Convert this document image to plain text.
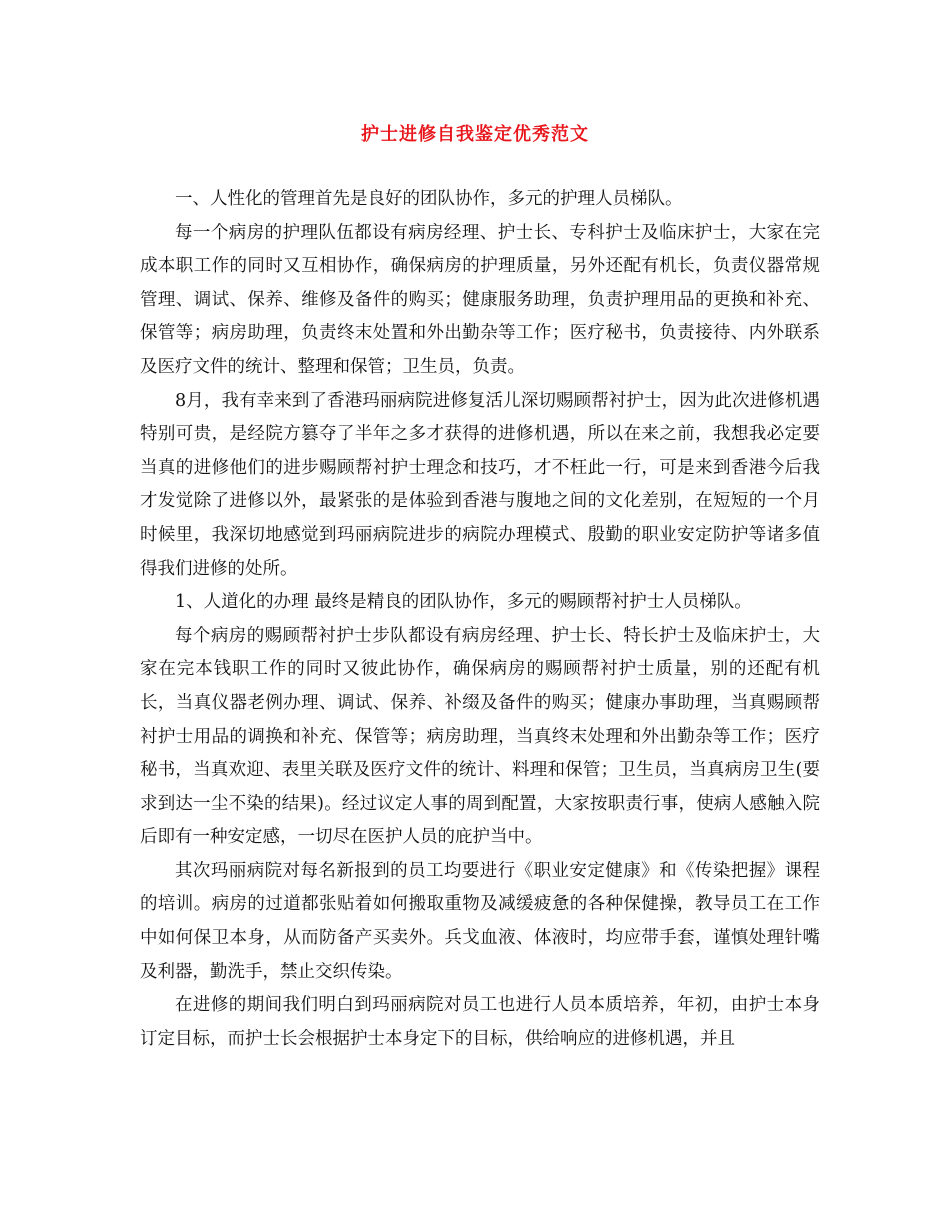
护士进修自我鉴定优秀范文

一、人性化的管理首先是良好的团队协作，多元的护理人员梯队。

每一个病房的护理队伍都设有病房经理、护士长、专科护士及临床护士，大家在完成本职工作的同时又互相协作，确保病房的护理质量，另外还配有机长，负责仪器常规管理、调试、保养、维修及备件的购买；健康服务助理，负责护理用品的更换和补充、保管等；病房助理，负责终末处置和外出勤杂等工作；医疗秘书，负责接待、内外联系及医疗文件的统计、整理和保管；卫生员，负责。

8月，我有幸来到了香港玛丽病院进修复活儿深切赐顾帮衬护士，因为此次进修机遇特别可贵，是经院方篡夺了半年之多才获得的进修机遇，所以在来之前，我想我必定要当真的进修他们的进步赐顾帮衬护士理念和技巧，才不枉此一行，可是来到香港今后我才发觉除了进修以外，最紧张的是体验到香港与腹地之间的文化差别，在短短的一个月时候里，我深切地感觉到玛丽病院进步的病院办理模式、殷勤的职业安定防护等诸多值得我们进修的处所。

1、人道化的办理 最终是精良的团队协作，多元的赐顾帮衬护士人员梯队。

每个病房的赐顾帮衬护士步队都设有病房经理、护士长、特长护士及临床护士，大家在完本钱职工作的同时又彼此协作，确保病房的赐顾帮衬护士质量，别的还配有机长，当真仪器老例办理、调试、保养、补缀及备件的购买；健康办事助理，当真赐顾帮衬护士用品的调换和补充、保管等；病房助理，当真终末处理和外出勤杂等工作；医疗秘书，当真欢迎、表里关联及医疗文件的统计、料理和保管；卫生员，当真病房卫生(要求到达一尘不染的结果)。经过议定人事的周到配置，大家按职责行事，使病人感触入院后即有一种安定感，一切尽在医护人员的庇护当中。

其次玛丽病院对每名新报到的员工均要进行《职业安定健康》和《传染把握》课程的培训。病房的过道都张贴着如何搬取重物及减缓疲惫的各种保健操，教导员工在工作中如何保卫本身，从而防备产买卖外。兵戈血液、体液时，均应带手套，谨慎处理针嘴及利器，勤洗手，禁止交织传染。

在进修的期间我们明白到玛丽病院对员工也进行人员本质培养，年初，由护士本身订定目标，而护士长会根据护士本身定下的目标，供给响应的进修机遇，并且
